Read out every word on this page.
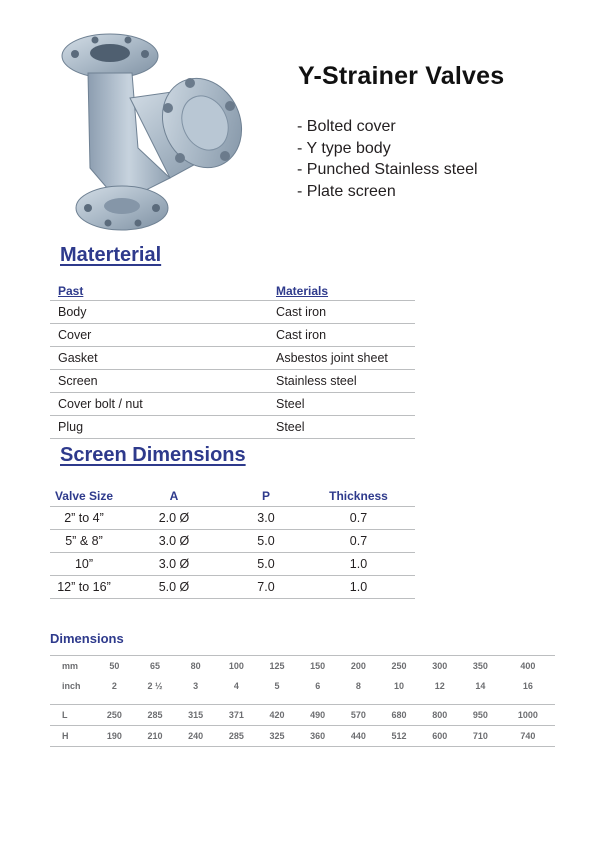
Y-Strainer Valves
- Bolted cover
- Y type body
- Punched Stainless steel
- Plate screen
Materterial
Past	Materials
Body	Cast iron
Cover	Cast iron
Gasket	Asbestos joint sheet
Screen	Stainless steel
Cover bolt / nut	Steel
Plug	Steel
Screen Dimensions
Valve Size	A	P	Thickness
2” to 4”	2.0 Ø	3.0	0.7
5” & 8”	3.0 Ø	5.0	0.7
10”	3.0 Ø	5.0	1.0
12” to 16”	5.0 Ø	7.0	1.0
Dimensions
mm	50	65	80	100	125	150	200	250	300	350	400
inch	2	2 ½	3	4	5	6	8	10	12	14	16

L	250	285	315	371	420	490	570	680	800	950	1000
H	190	210	240	285	325	360	440	512	600	710	740
